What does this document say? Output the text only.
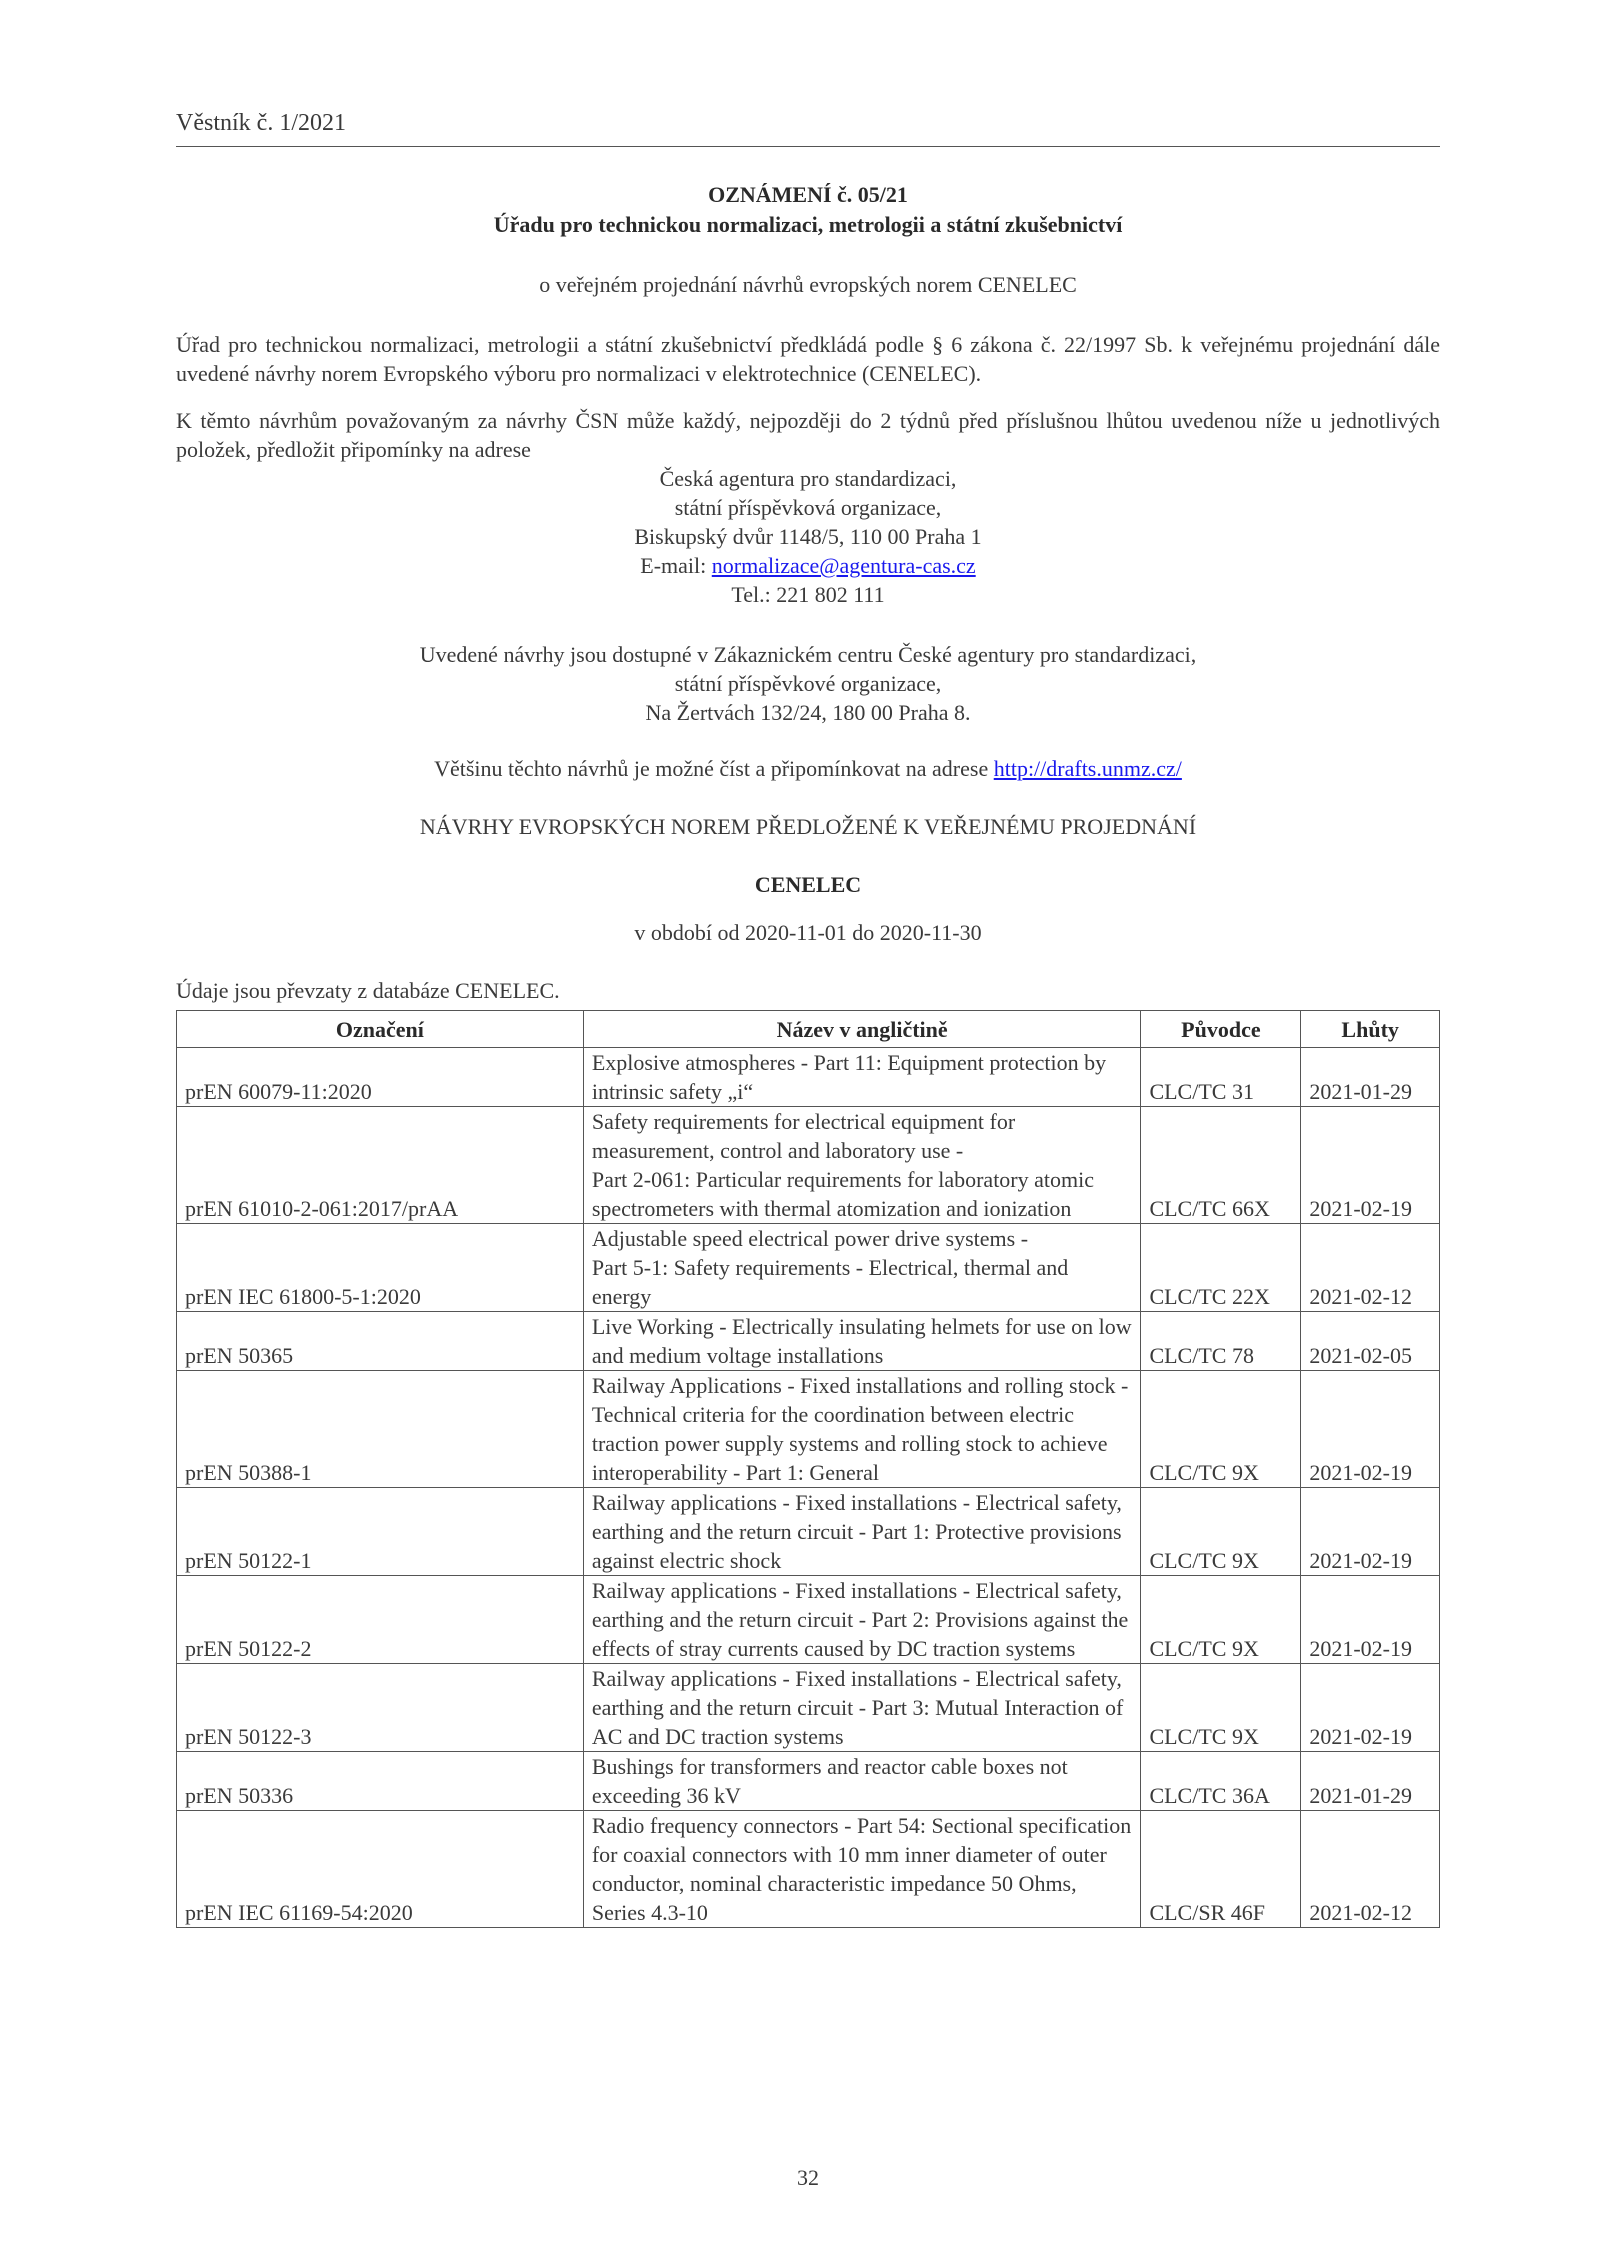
Věstník č. 1/2021
OZNÁMENÍ č. 05/21
Úřadu pro technickou normalizaci, metrologii a státní zkušebnictví
o veřejném projednání návrhů evropských norem CENELEC
Úřad pro technickou normalizaci, metrologii a státní zkušebnictví předkládá podle § 6 zákona č. 22/1997 Sb. k veřejnému projednání dále uvedené návrhy norem Evropského výboru pro normalizaci v elektrotechnice (CENELEC).
K těmto návrhům považovaným za návrhy ČSN může každý, nejpozději do 2 týdnů před příslušnou lhůtou uvedenou níže u jednotlivých položek, předložit připomínky na adrese
Česká agentura pro standardizaci,
státní příspěvková organizace,
Biskupský dvůr 1148/5, 110 00 Praha 1
E-mail: normalizace@agentura-cas.cz
Tel.: 221 802 111
Uvedené návrhy jsou dostupné v Zákaznickém centru České agentury pro standardizaci,
státní příspěvkové organizace,
Na Žertvách 132/24, 180 00 Praha 8.
Většinu těchto návrhů je možné číst a připomínkovat na adrese http://drafts.unmz.cz/
NÁVRHY EVROPSKÝCH NOREM PŘEDLOŽENÉ K VEŘEJNÉMU PROJEDNÁNÍ
CENELEC
v období od 2020-11-01 do 2020-11-30
Údaje jsou převzaty z databáze CENELEC.
Označení	Název v angličtině	Původce	Lhůty
prEN 60079-11:2020	Explosive atmospheres - Part 11: Equipment protection by intrinsic safety „i“	CLC/TC 31	2021-01-29
prEN 61010-2-061:2017/prAA	Safety requirements for electrical equipment for measurement, control and laboratory use -
Part 2-061: Particular requirements for laboratory atomic spectrometers with thermal atomization and ionization	CLC/TC 66X	2021-02-19
prEN IEC 61800-5-1:2020	Adjustable speed electrical power drive systems -
Part 5-1: Safety requirements - Electrical, thermal and energy	CLC/TC 22X	2021-02-12
prEN 50365	Live Working - Electrically insulating helmets for use on low and medium voltage installations	CLC/TC 78	2021-02-05
prEN 50388-1	Railway Applications - Fixed installations and rolling stock - Technical criteria for the coordination between electric traction power supply systems and rolling stock to achieve interoperability - Part 1: General	CLC/TC 9X	2021-02-19
prEN 50122-1	Railway applications - Fixed installations - Electrical safety, earthing and the return circuit - Part 1: Protective provisions against electric shock	CLC/TC 9X	2021-02-19
prEN 50122-2	Railway applications - Fixed installations - Electrical safety, earthing and the return circuit - Part 2: Provisions against the effects of stray currents caused by DC traction systems	CLC/TC 9X	2021-02-19
prEN 50122-3	Railway applications - Fixed installations - Electrical safety, earthing and the return circuit - Part 3: Mutual Interaction of AC and DC traction systems	CLC/TC 9X	2021-02-19
prEN 50336	Bushings for transformers and reactor cable boxes not exceeding 36 kV	CLC/TC 36A	2021-01-29
prEN IEC 61169-54:2020	Radio frequency connectors - Part 54: Sectional specification for coaxial connectors with 10 mm inner diameter of outer conductor, nominal characteristic impedance 50 Ohms, Series 4.3-10	CLC/SR 46F	2021-02-12
32
